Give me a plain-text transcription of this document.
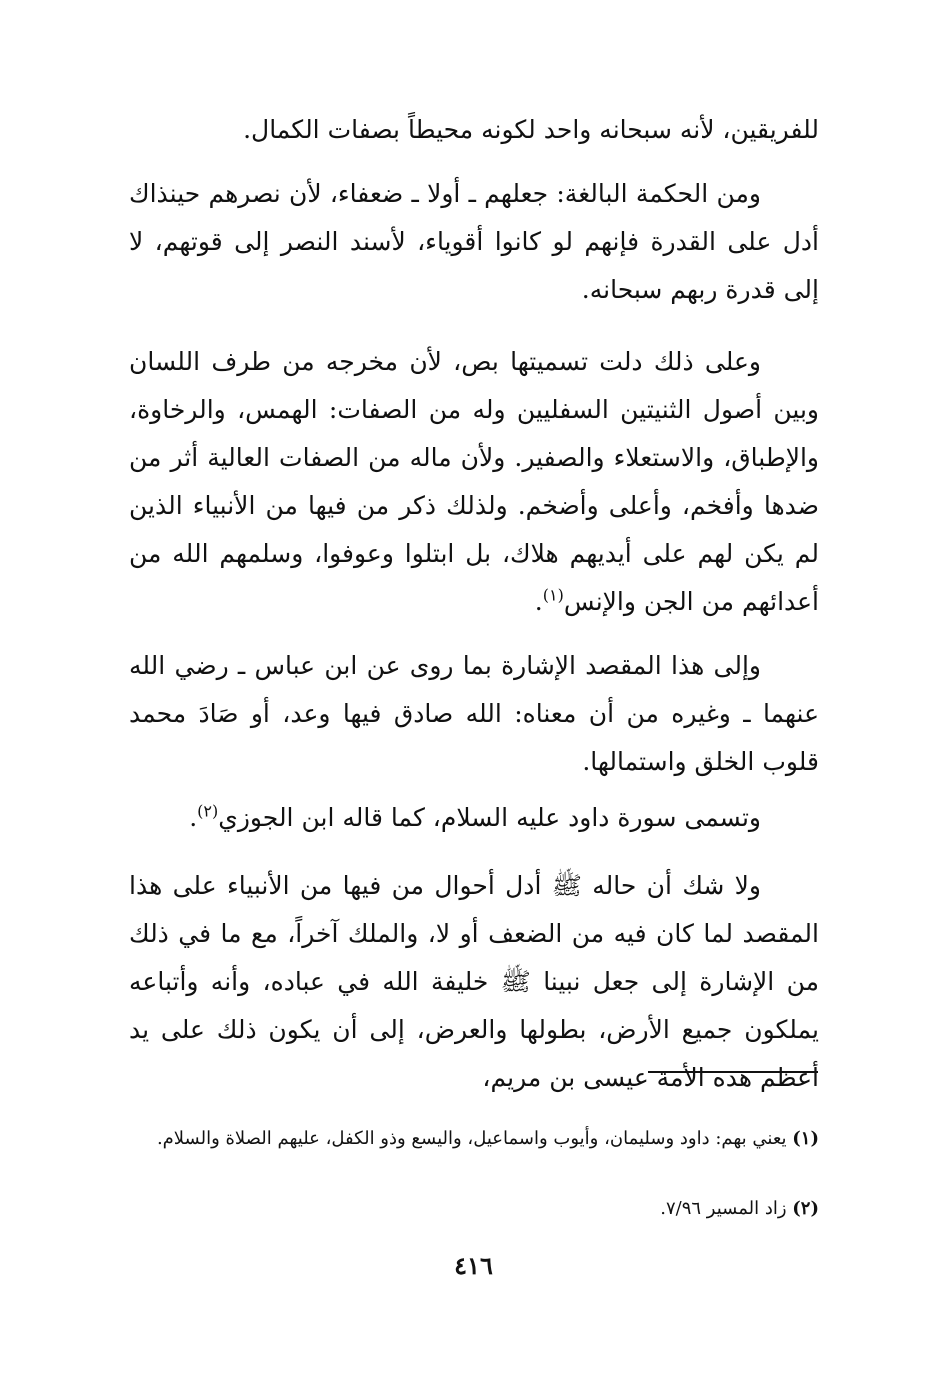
للفريقين، لأنه سبحانه واحد لكونه محيطاً بصفات الكمال.

ومن الحكمة البالغة: جعلهم ـ أولا ـ ضعفاء، لأن نصرهم حينذاك أدل على القدرة فإنهم لو كانوا أقوياء، لأسند النصر إلى قوتهم، لا إلى قدرة ربهم سبحانه.

وعلى ذلك دلت تسميتها بص، لأن مخرجه من طرف اللسان وبين أصول الثنيتين السفليين وله من الصفات: الهمس، والرخاوة، والإطباق، والاستعلاء والصفير. ولأن ماله من الصفات العالية أثر من ضدها وأفخم، وأعلى وأضخم. ولذلك ذكر من فيها من الأنبياء الذين لم يكن لهم على أيديهم هلاك، بل ابتلوا وعوفوا، وسلمهم الله من أعدائهم من الجن والإنس$^{(١)}$.

وإلى هذا المقصد الإشارة بما روى عن ابن عباس ـ رضي الله عنهما ـ وغيره من أن معناه: الله صادق فيها وعد، أو صَادَ محمد قلوب الخلق واستمالها.

وتسمى سورة داود عليه السلام، كما قاله ابن الجوزي$^{(٢)}$.

ولا شك أن حاله ﷺ أدل أحوال من فيها من الأنبياء على هذا المقصد لما كان فيه من الضعف أو لا، والملك آخراً، مع ما في ذلك من الإشارة إلى جعل نبينا ﷺ خليفة الله في عباده، وأنه وأتباعه يملكون جميع الأرض، بطولها والعرض، إلى أن يكون ذلك على يد أعظم هذه الأمة عيسى بن مريم،

(١) يعني بهم: داود وسليمان، وأيوب واسماعيل، واليسع وذو الكفل، عليهم الصلاة والسلام.

(٢) زاد المسير ٧/٩٦.

٤١٦
